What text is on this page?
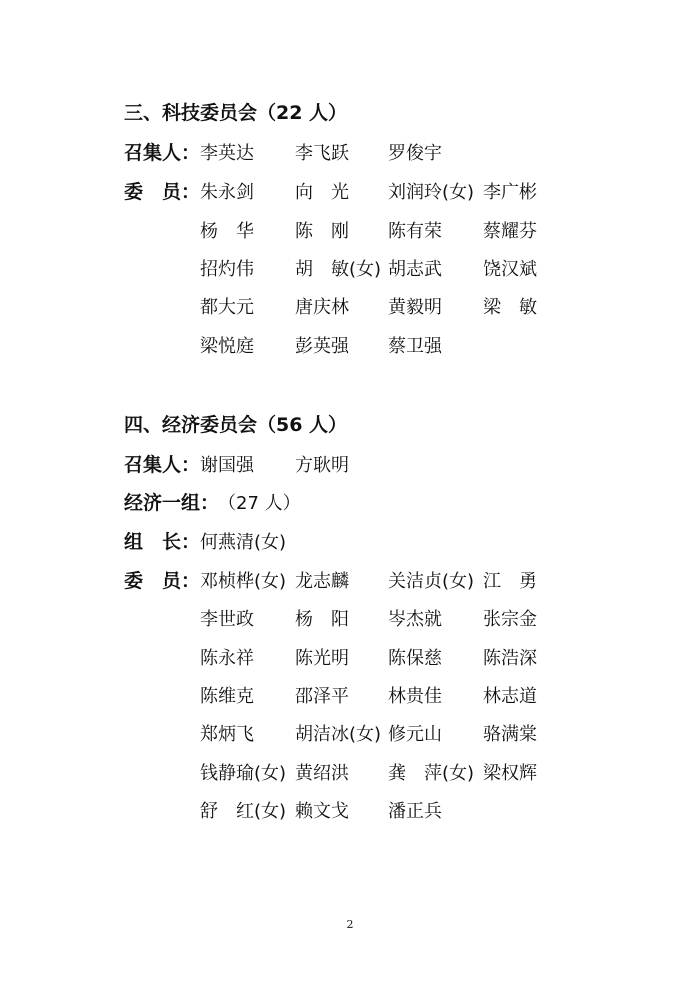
三、科技委员会（22 人）
召集人： 李英达 李飞跃 罗俊宇
委　员： 朱永剑 向　光 刘润玲(女) 李广彬
杨　华 陈　刚 陈有荣 蔡耀芬
招灼伟 胡　敏(女) 胡志武 饶汉斌
都大元 唐庆林 黄毅明 梁　敏
梁悦庭 彭英强 蔡卫强
四、经济委员会（56 人）
召集人： 谢国强 方耿明
经济一组：
（27 人）
组　长： 何燕清(女)
委　员： 邓桢桦(女) 龙志麟 关洁贞(女) 江　勇
李世政 杨　阳 岑杰就 张宗金
陈永祥 陈光明 陈保慈 陈浩深
陈维克 邵泽平 林贵佳 林志道
郑炳飞 胡洁冰(女) 修元山 骆满棠
钱静瑜(女) 黄绍洪 龚　萍(女) 梁权辉
舒　红(女) 赖文戈 潘正兵
2
